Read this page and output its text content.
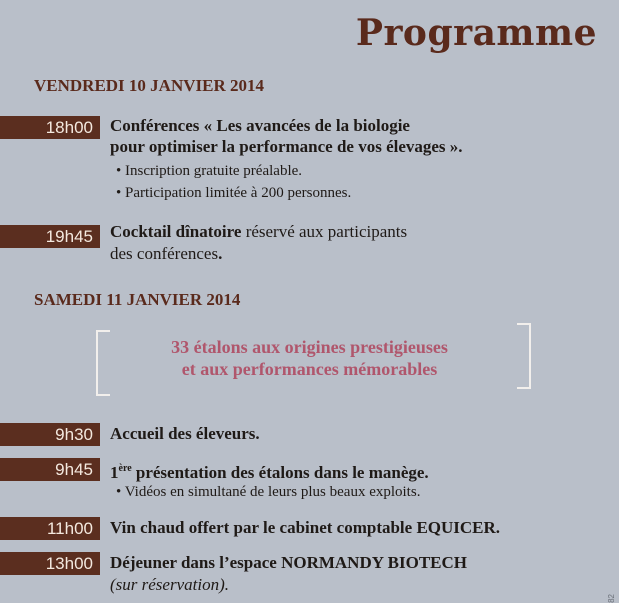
Programme
VENDREDI 10 JANVIER 2014
18h00	Conférences « Les avancées de la biologie
pour optimiser la performance de vos élevages ».
• Inscription gratuite préalable.
• Participation limitée à 200 personnes.
19h45	Cocktail dînatoire réservé aux participants
des conférences.
SAMEDI 11 JANVIER 2014
33 étalons aux origines prestigieuses
et aux performances mémorables
9h30	Accueil des éleveurs.
9h45	1ère présentation des étalons dans le manège.
• Vidéos en simultané de leurs plus beaux exploits.
11h00	Vin chaud offert par le cabinet comptable EQUICER.
13h00	Déjeuner dans l’espace NORMANDY BIOTECH
(sur réservation).
82
